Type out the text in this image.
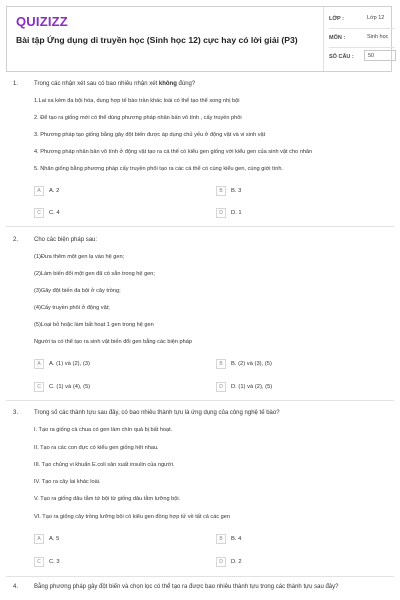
QUIZIZZ
Bài tập Ứng dụng di truyền học (Sinh học 12) cực hay có lời giải (P3)
LỚP :	Lớp 12
MÔN :	Sinh học
SỐ CÂU :	50
1.	Trong các nhận xét sau có bao nhiêu nhận xét không đúng?
1.Lai xa kèm đa bội hóa, dung hợp tế bào trần khác loài có thể tạo thể song nhị bội
2. Để tạo ra giống mới có thể dùng phương pháp nhân bản vô tính , cấy truyền phôi
3. Phương pháp tạo giống bằng gây đột biến được áp dụng chủ yếu ở động vật và vi sinh vật
4. Phương pháp nhân bản vô tính ở động vật tạo ra cá thể có kiểu gen giống với kiểu gen của sinh vật cho nhân
5. Nhân giống bằng phương pháp cấy truyền phôi tạo ra các cá thể có cùng kiểu gen, cùng giới tính.
A	A. 2	B	B. 3
C	C. 4	D	D. 1
2.	Cho các biện pháp sau:
(1)Đưa thêm một gen lạ vào hệ gen;
(2)Làm biến đổi một gen đã có sẵn trong hệ gen;
(3)Gây đột biến đa bội ở cây trồng;
(4)Cấy truyền phôi ở động vật;
(5)Loại bỏ hoặc làm bất hoạt 1 gen trong hệ gen
Người ta có thể tạo ra sinh vật biến đổi gen bằng các biện pháp
A	A. (1) và (2), (3)	B	B. (2) và (3), (5)
C	C. (1) và (4), (5)	D	D. (1) và (2), (5)
3.	Trong số các thành tựu sau đây, có bao nhiêu thành tựu là ứng dụng của công nghệ tế bào?
I. Tạo ra giống cà chua có gen làm chín quả bị bất hoạt.
II. Tạo ra các con đực có kiểu gen giống hệt nhau.
III. Tạo chủng vi khuẩn E.coli sản xuất insulin của người.
IV. Tạo ra cây lai khác loài.
V. Tạo ra giống dâu tằm tứ bội từ giống dâu tằm lưỡng bội.
VI. Tạo ra giống cây trồng lưỡng bội có kiểu gen đồng hợp tử về tất cả các gen
A	A. 5	B	B. 4
C	C. 3	D	D. 2
4.	Bằng phương pháp gây đột biến và chọn lọc có thể tạo ra được bao nhiêu thành tựu trong các thành tựu sau đây?
